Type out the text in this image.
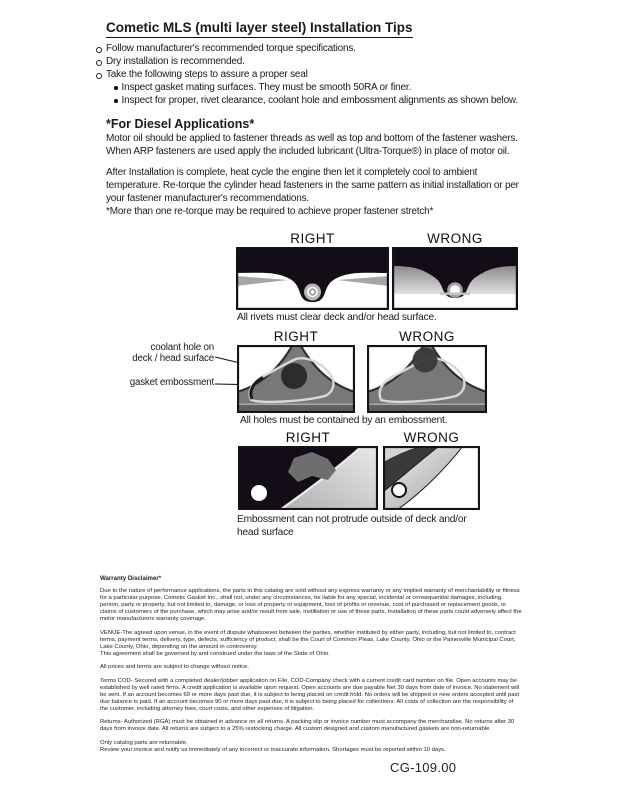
Cometic MLS (multi layer steel) Installation Tips
Follow manufacturer's recommended torque specifications.
Dry installation is recommended.
Take the following steps to assure a proper seal
Inspect gasket mating surfaces. They must be smooth 50RA or finer.
Inspect for proper, rivet clearance, coolant hole and embossment alignments as shown below.
*For Diesel Applications*

Motor oil should be applied to fastener threads as well as top and bottom of the fastener washers. When ARP fasteners are used apply the included lubricant (Ultra-Torque®) in place of motor oil.

After Installation is complete, heat cycle the engine then let it completely cool to ambient temperature. Re-torque the cylinder head fasteners in the same pattern as initial installation or per your fastener manufacturer's recommendations.

*More than one re-torque may be required to achieve proper fastener stretch*

RIGHT	WRONG
All rivets must clear deck and/or head surface.
coolant hole on
deck / head surface
gasket embossment
RIGHT	WRONG
All holes must be contained by an embossment.
RIGHT	WRONG
Embossment can not protrude outside of deck and/or head surface
Warranty Disclaimer*

Due to the nature of performance applications, the parts in this catalog are sold without any express warranty or any implied warranty of merchantability or fitness for a particular purpose. Cometic Gasket Inc., shall not, under any circumstances, be liable for any special, incidental or consequential damages, including, person, party or property, but not limited to, damage, or loss of property or equipment, loss of profits or revenue, cost of purchased or replacement goods, or claims of customers of the purchase, which may arise and/or result from sale, instillation or use of these parts. Installation of these parts could adversely affect the motor manufacturers warranty coverage.

VENUE-The agreed upon venue, in the event of dispute whatsoever between the parties, whether instituted by either party, including, but not limited to, contract terms, payment terms, delivery, type, defects, sufficiency of product, shall be the Court of Common Pleas, Lake County, Ohio or the Painesville Municipal Court, Lake County, Ohio, depending on the amount in controversy.

This agreement shall be governed by and construed under the laws of the State of Ohio.

All prices and terms are subject to change without notice.

Terms COD- Secured with a completed dealer/jobber application on File, COD-Company check with a current credit card number on file. Open accounts may be established by well rated firms. A credit application is available upon request. Open accounts are due payable Net 30 days from date of invoice. No statement will be sent. If an account becomes 60 or more days past due, it is subject to being placed on credit hold. No orders will be shipped or new orders accepted until past due balance is paid. If an account becomes 90 or more days past due, it is subject to being placed for collections. All costs of collection are the responsibility of the customer, including attorney fees, court costs, and other expenses of litigation.

Returns- Authorized (RGA) must be obtained in advance on all returns. A packing slip or invoice number must accompany the merchandise. No returns after 30 days from invoice date. All returns are subject to a 25% restocking charge. All custom designed and custom manufactured gaskets are non-returnable.

Only catalog parts are returnable.

Review your invoice and notify us immediately of any incorrect or inaccurate information. Shortages must be reported within 10 days.

CG-109.00
